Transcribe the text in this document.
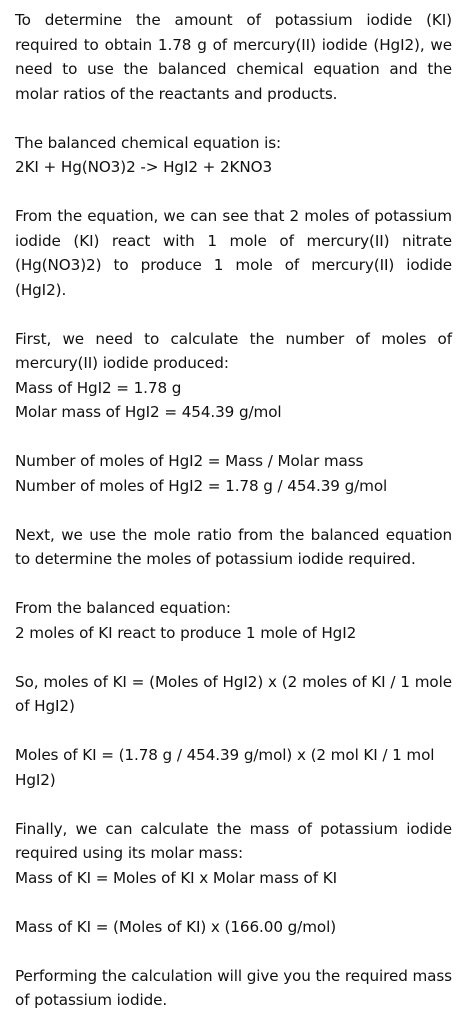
To determine the amount of potassium iodide (KI) required to obtain 1.78 g of mercury(II) iodide (HgI2), we need to use the balanced chemical equation and the molar ratios of the reactants and products.

The balanced chemical equation is:

2KI + Hg(NO3)2 -> HgI2 + 2KNO3

From the equation, we can see that 2 moles of potassium iodide (KI) react with 1 mole of mercury(II) nitrate (Hg(NO3)2) to produce 1 mole of mercury(II) iodide (HgI2).

First, we need to calculate the number of moles of mercury(II) iodide produced:

Mass of HgI2 = 1.78 g

Molar mass of HgI2 = 454.39 g/mol

Number of moles of HgI2 = Mass / Molar mass

Number of moles of HgI2 = 1.78 g / 454.39 g/mol

Next, we use the mole ratio from the balanced equation to determine the moles of potassium iodide required.

From the balanced equation:

2 moles of KI react to produce 1 mole of HgI2

So, moles of KI = (Moles of HgI2) x (2 moles of KI / 1 mole of HgI2)

Moles of KI = (1.78 g / 454.39 g/mol) x (2 mol KI / 1 mol HgI2)

Finally, we can calculate the mass of potassium iodide required using its molar mass:

Mass of KI = Moles of KI x Molar mass of KI

Mass of KI = (Moles of KI) x (166.00 g/mol)

Performing the calculation will give you the required mass of potassium iodide.
